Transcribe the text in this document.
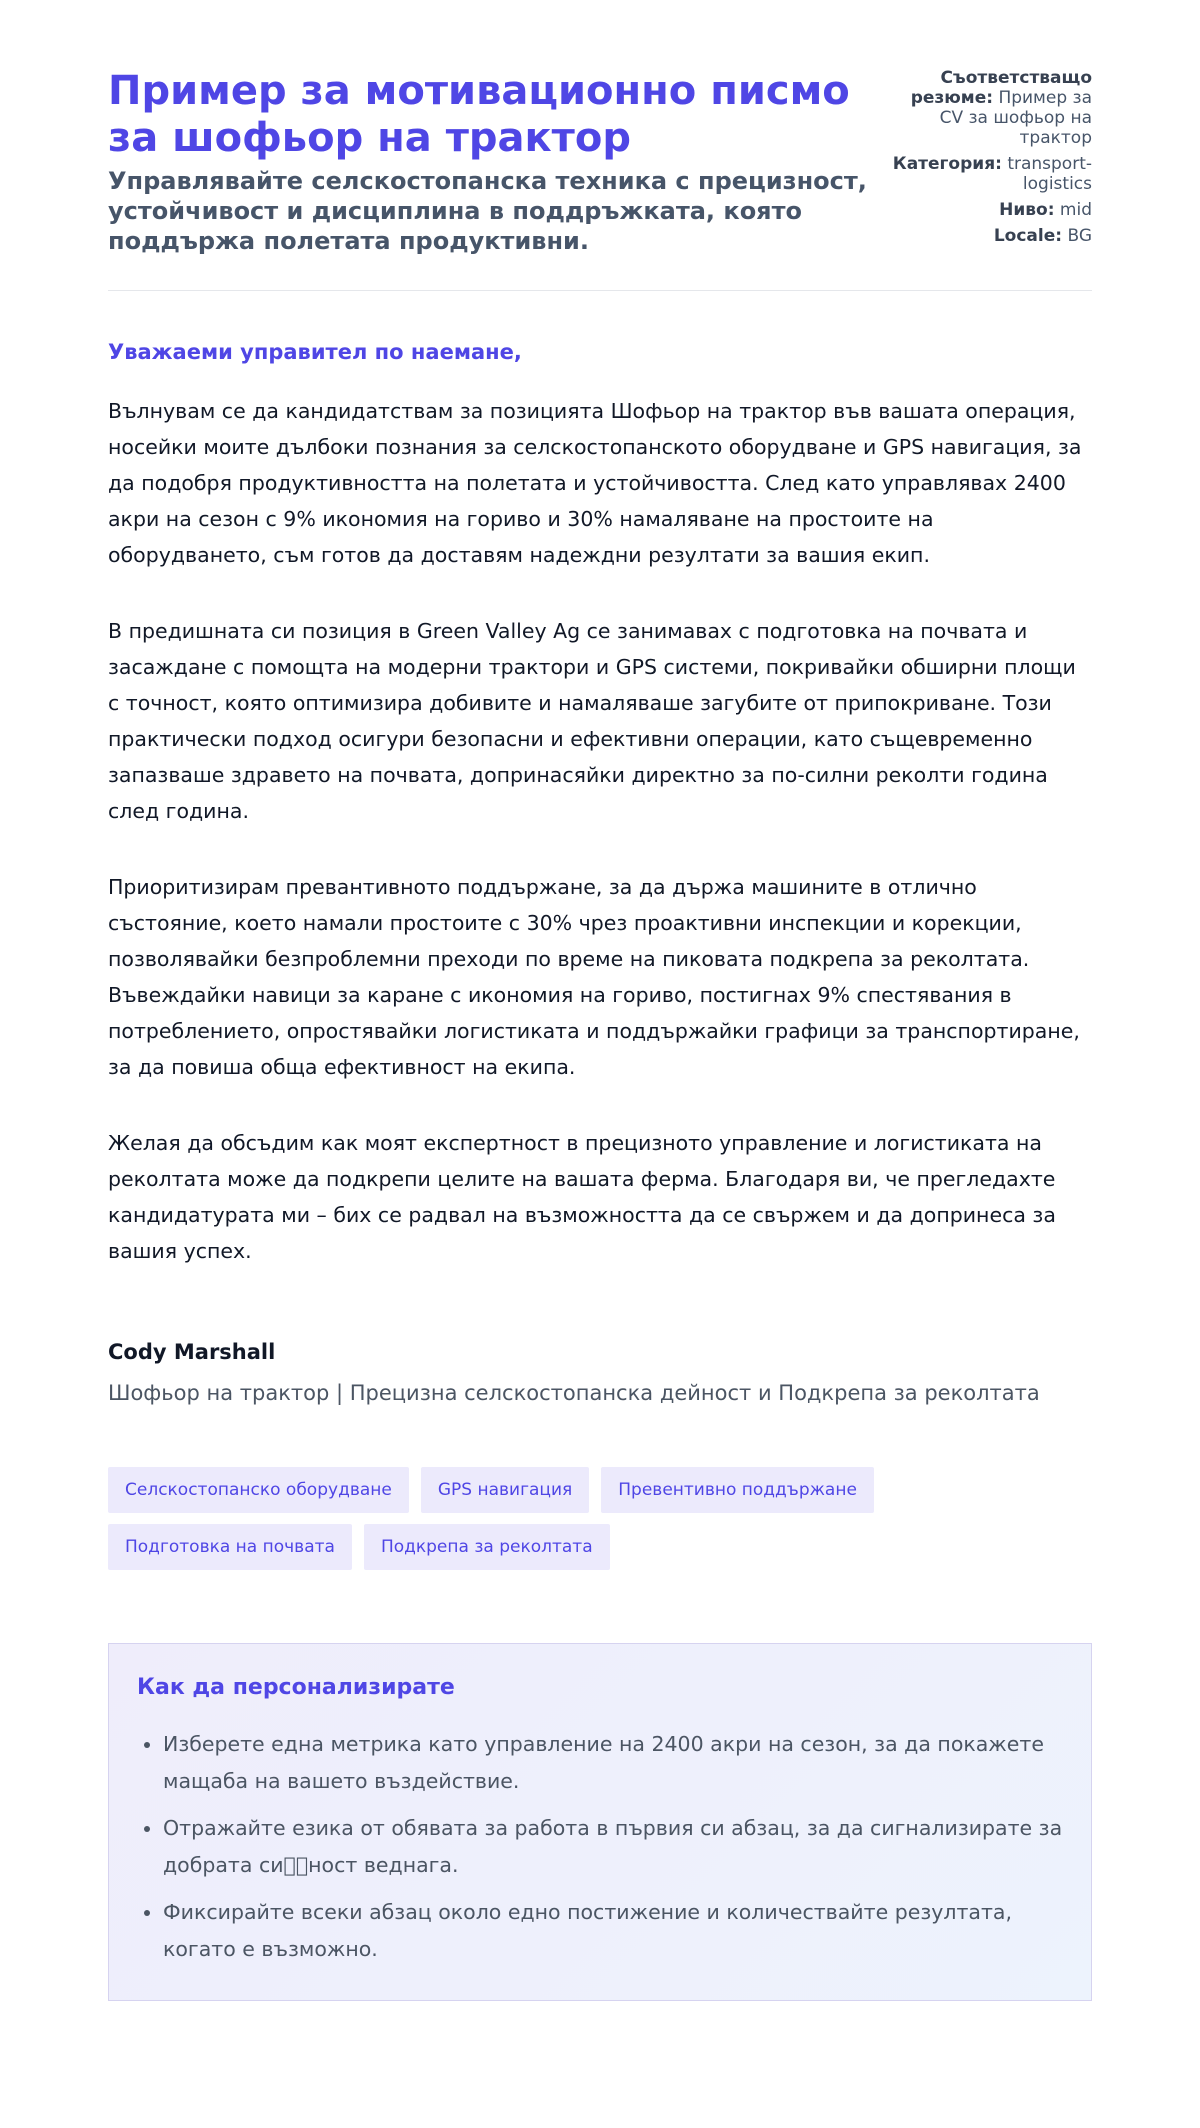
Пример за мотивационно писмо за шофьор на трактор
Управлявайте селскостопанска техника с прецизност, устойчивост и дисциплина в поддръжката, която поддържа полетата продуктивни.
Съответстващо резюме: Пример за CV за шофьор на трактор
Категория: transport-logistics
Ниво: mid
Locale: BG

Уважаеми управител по наемане,

Вълнувам се да кандидатствам за позицията Шофьор на трактор във вашата операция, носейки моите дълбоки познания за селскостопанското оборудване и GPS навигация, за да подобря продуктивността на полетата и устойчивостта. След като управлявах 2400 акри на сезон с 9% икономия на гориво и 30% намаляване на простоите на оборудването, съм готов да доставям надеждни резултати за вашия екип.

В предишната си позиция в Green Valley Ag се занимавах с подготовка на почвата и засаждане с помощта на модерни трактори и GPS системи, покривайки обширни площи с точност, която оптимизира добивите и намаляваше загубите от припокриване. Този практически подход осигури безопасни и ефективни операции, като същевременно запазваше здравето на почвата, допринасяйки директно за по-силни реколти година след година.

Приоритизирам превантивното поддържане, за да държа машините в отлично състояние, което намали простоите с 30% чрез проактивни инспекции и корекции, позволявайки безпроблемни преходи по време на пиковата подкрепа за реколтата. Въвеждайки навици за каране с икономия на гориво, постигнах 9% спестявания в потреблението, опростявайки логистиката и поддържайки графици за транспортиране, за да повиша обща ефективност на екипа.

Желая да обсъдим как моят експертност в прецизното управление и логистиката на реколтата може да подкрепи целите на вашата ферма. Благодаря ви, че прегледахте кандидатурата ми – бих се радвал на възможността да се свържем и да допринеса за вашия успех.

Cody Marshall

Шофьор на трактор | Прецизна селскостопанска дейност и Подкрепа за реколтата

Селскостопанско оборудване	GPS навигация	Превентивно поддържане
Подготовка на почвата	Подкрепа за реколтата
Как да персонализирате
• Изберете една метрика като управление на 2400 акри на сезон, за да покажете мащаба на вашето въздействие.
• Отражайте езика от обявата за работа в първия си абзац, за да сигнализирате за добрата си  ност веднага.
• Фиксирайте всеки абзац около едно постижение и количествайте резултата, когато е възможно.
